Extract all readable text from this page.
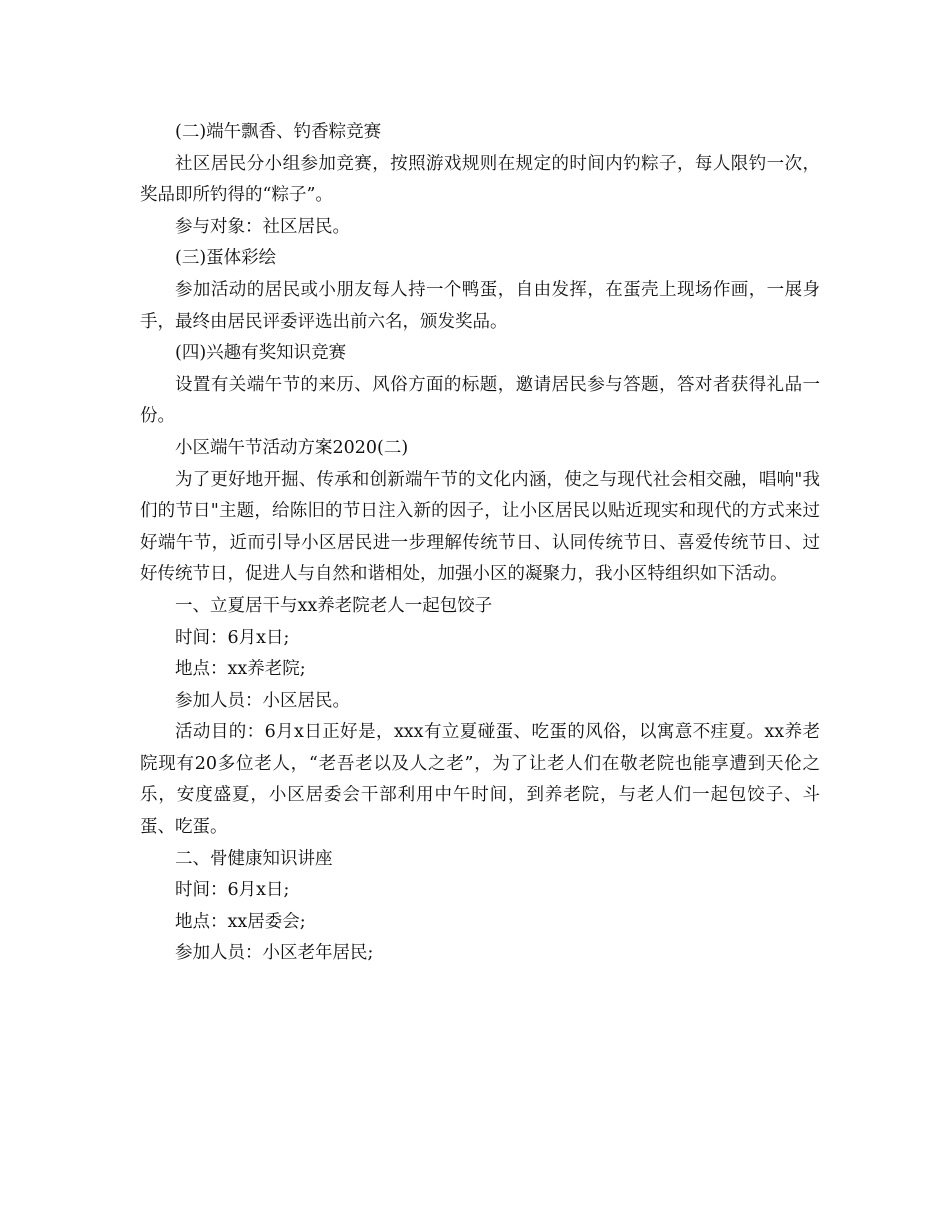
(二)端午飘香、钓香粽竞赛

社区居民分小组参加竞赛，按照游戏规则在规定的时间内钓粽子，每人限钓一次，奖品即所钓得的“粽子”。

参与对象：社区居民。

(三)蛋体彩绘

参加活动的居民或小朋友每人持一个鸭蛋，自由发挥，在蛋壳上现场作画，一展身手，最终由居民评委评选出前六名，颁发奖品。

(四)兴趣有奖知识竞赛

设置有关端午节的来历、风俗方面的标题，邀请居民参与答题，答对者获得礼品一份。

小区端午节活动方案2020(二)

为了更好地开掘、传承和创新端午节的文化内涵，使之与现代社会相交融，唱响"我们的节日"主题，给陈旧的节日注入新的因子，让小区居民以贴近现实和现代的方式来过好端午节，近而引导小区居民进一步理解传统节日、认同传统节日、喜爱传统节日、过好传统节日，促进人与自然和谐相处，加强小区的凝聚力，我小区特组织如下活动。

一、立夏居干与xx养老院老人一起包饺子

时间：6月x日;

地点：xx养老院;

参加人员：小区居民。

活动目的：6月x日正好是，xxx有立夏碰蛋、吃蛋的风俗，以寓意不疰夏。xx养老院现有20多位老人，“老吾老以及人之老”，为了让老人们在敬老院也能享遭到天伦之乐，安度盛夏，小区居委会干部利用中午时间，到养老院，与老人们一起包饺子、斗蛋、吃蛋。

二、骨健康知识讲座

时间：6月x日;

地点：xx居委会;

参加人员：小区老年居民;
